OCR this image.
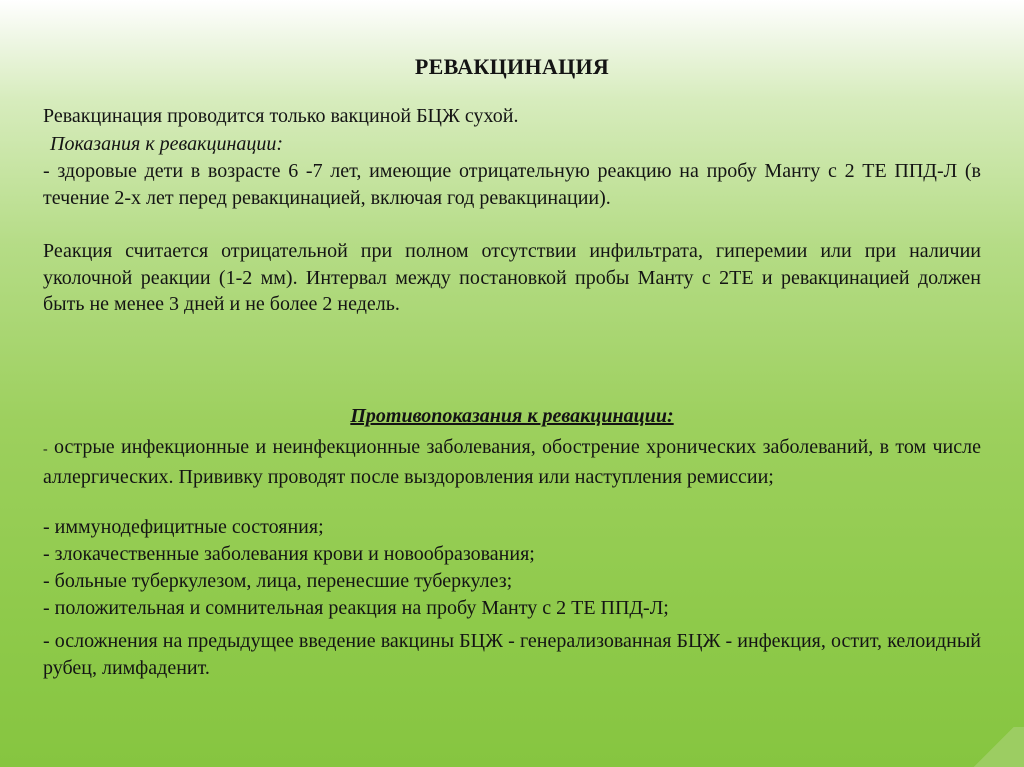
РЕВАКЦИНАЦИЯ
Ревакцинация проводится только вакциной БЦЖ сухой.
Показания к ревакцинации:
- здоровые дети в возрасте 6 -7 лет, имеющие отрицательную реакцию на пробу Манту с 2 ТЕ ППД-Л (в течение 2-х лет перед ревакцинацией, включая год ревакцинации).
Реакция считается отрицательной при полном отсутствии инфильтрата, гиперемии или при наличии уколочной реакции (1-2 мм). Интервал между постановкой пробы Манту с 2ТЕ и ревакцинацией должен быть не менее 3 дней и не более 2 недель.
Противопоказания к ревакцинации:
- острые инфекционные и неинфекционные заболевания, обострение хронических заболеваний, в том числе аллергических. Прививку проводят после выздоровления или наступления ремиссии;
- иммунодефицитные состояния;
- злокачественные заболевания крови и новообразования;
- больные туберкулезом, лица, перенесшие туберкулез;
- положительная и сомнительная реакция на пробу Манту с 2 ТЕ ППД-Л;
- осложнения на предыдущее введение вакцины БЦЖ - генерализованная БЦЖ - инфекция, остит, келоидный рубец, лимфаденит.
